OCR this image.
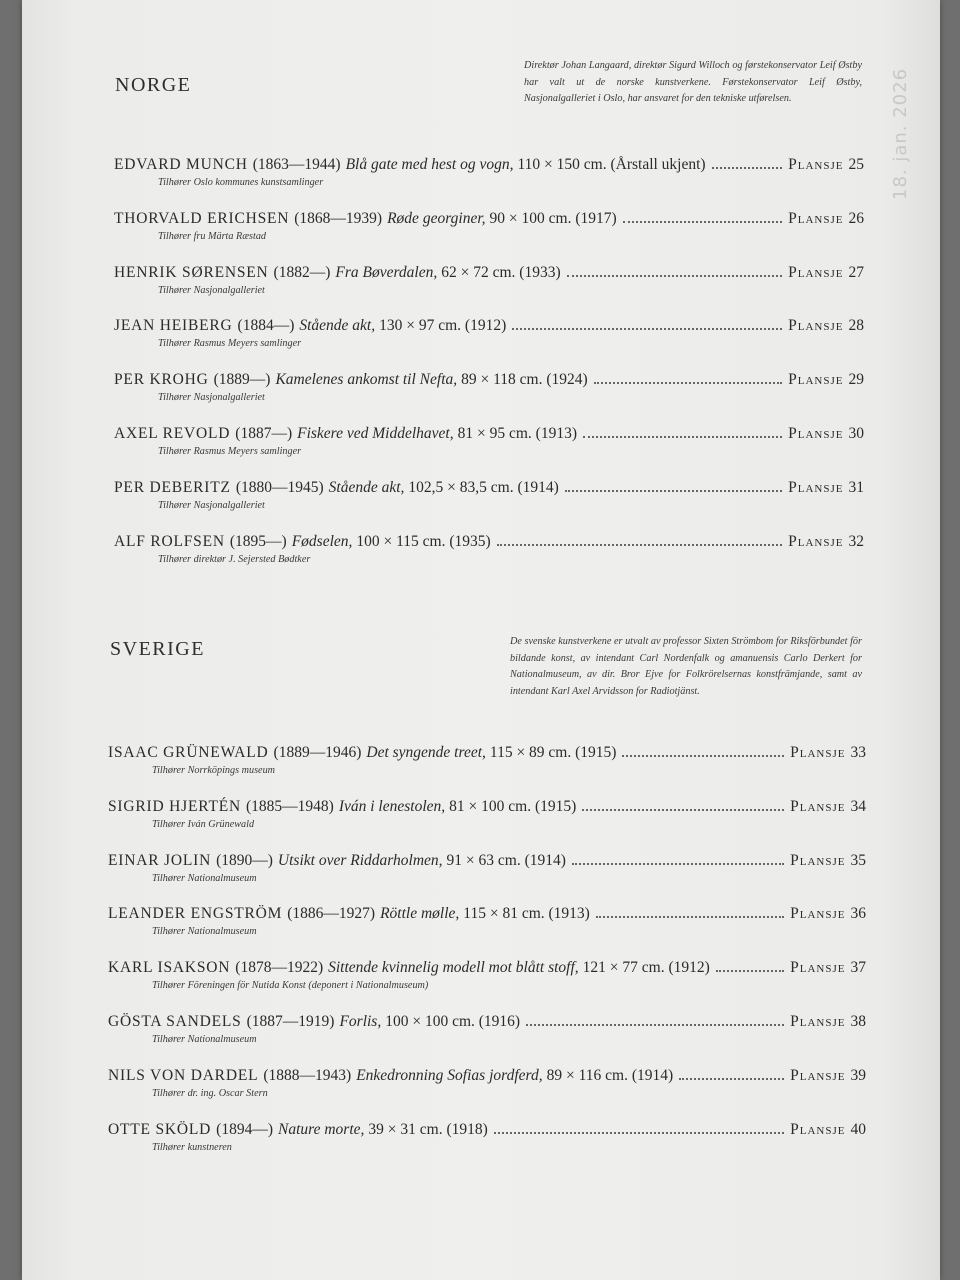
18. jan. 2026
NORGE
Direktør Johan Langaard, direktør Sigurd Willoch og førstekonservator Leif Østby har valt ut de norske kunstverkene. Førstekonservator Leif Østby, Nasjonalgalleriet i Oslo, har ansvaret for den tekniske utførelsen.
EDVARD MUNCH (1863—1944) Blå gate med hest og vogn, 110 × 150 cm. (Årstall ukjent)	Plansje 25
Tilhører Oslo kommunes kunstsamlinger
THORVALD ERICHSEN (1868—1939) Røde georginer, 90 × 100 cm. (1917)	Plansje 26
Tilhører fru Märta Ræstad
HENRIK SØRENSEN (1882—) Fra Bøverdalen, 62 × 72 cm. (1933)	Plansje 27
Tilhører Nasjonalgalleriet
JEAN HEIBERG (1884—) Stående akt, 130 × 97 cm. (1912)	Plansje 28
Tilhører Rasmus Meyers samlinger
PER KROHG (1889—) Kamelenes ankomst til Nefta, 89 × 118 cm. (1924)	Plansje 29
Tilhører Nasjonalgalleriet
AXEL REVOLD (1887—) Fiskere ved Middelhavet, 81 × 95 cm. (1913)	Plansje 30
Tilhører Rasmus Meyers samlinger
PER DEBERITZ (1880—1945) Stående akt, 102,5 × 83,5 cm. (1914)	Plansje 31
Tilhører Nasjonalgalleriet
ALF ROLFSEN (1895—) Fødselen, 100 × 115 cm. (1935)	Plansje 32
Tilhører direktør J. Sejersted Bødtker
SVERIGE	De svenske kunstverkene er utvalt av professor Sixten Strömbom for Riksförbundet för bildande konst, av intendant Carl Nordenfalk og amanuensis Carlo Derkert for Nationalmuseum, av dir. Bror Ejve for Folkrörelsernas konstfrämjande, samt av intendant Karl Axel Arvidsson for Radiotjänst.
ISAAC GRÜNEWALD (1889—1946) Det syngende treet, 115 × 89 cm. (1915)	Plansje 33
Tilhører Norrköpings museum
SIGRID HJERTÉN (1885—1948) Iván i lenestolen, 81 × 100 cm. (1915)	Plansje 34
Tilhører Iván Grünewald
EINAR JOLIN (1890—) Utsikt over Riddarholmen, 91 × 63 cm. (1914)	Plansje 35
Tilhører Nationalmuseum
LEANDER ENGSTRÖM (1886—1927) Röttle mølle, 115 × 81 cm. (1913)	Plansje 36
Tilhører Nationalmuseum
KARL ISAKSON (1878—1922) Sittende kvinnelig modell mot blått stoff, 121 × 77 cm. (1912)	Plansje 37
Tilhører Föreningen för Nutida Konst (deponert i Nationalmuseum)
GÖSTA SANDELS (1887—1919) Forlis, 100 × 100 cm. (1916)	Plansje 38
Tilhører Nationalmuseum
NILS VON DARDEL (1888—1943) Enkedronning Sofias jordferd, 89 × 116 cm. (1914)	Plansje 39
Tilhører dr. ing. Oscar Stern
OTTE SKÖLD (1894—) Nature morte, 39 × 31 cm. (1918)	Plansje 40
Tilhører kunstneren
